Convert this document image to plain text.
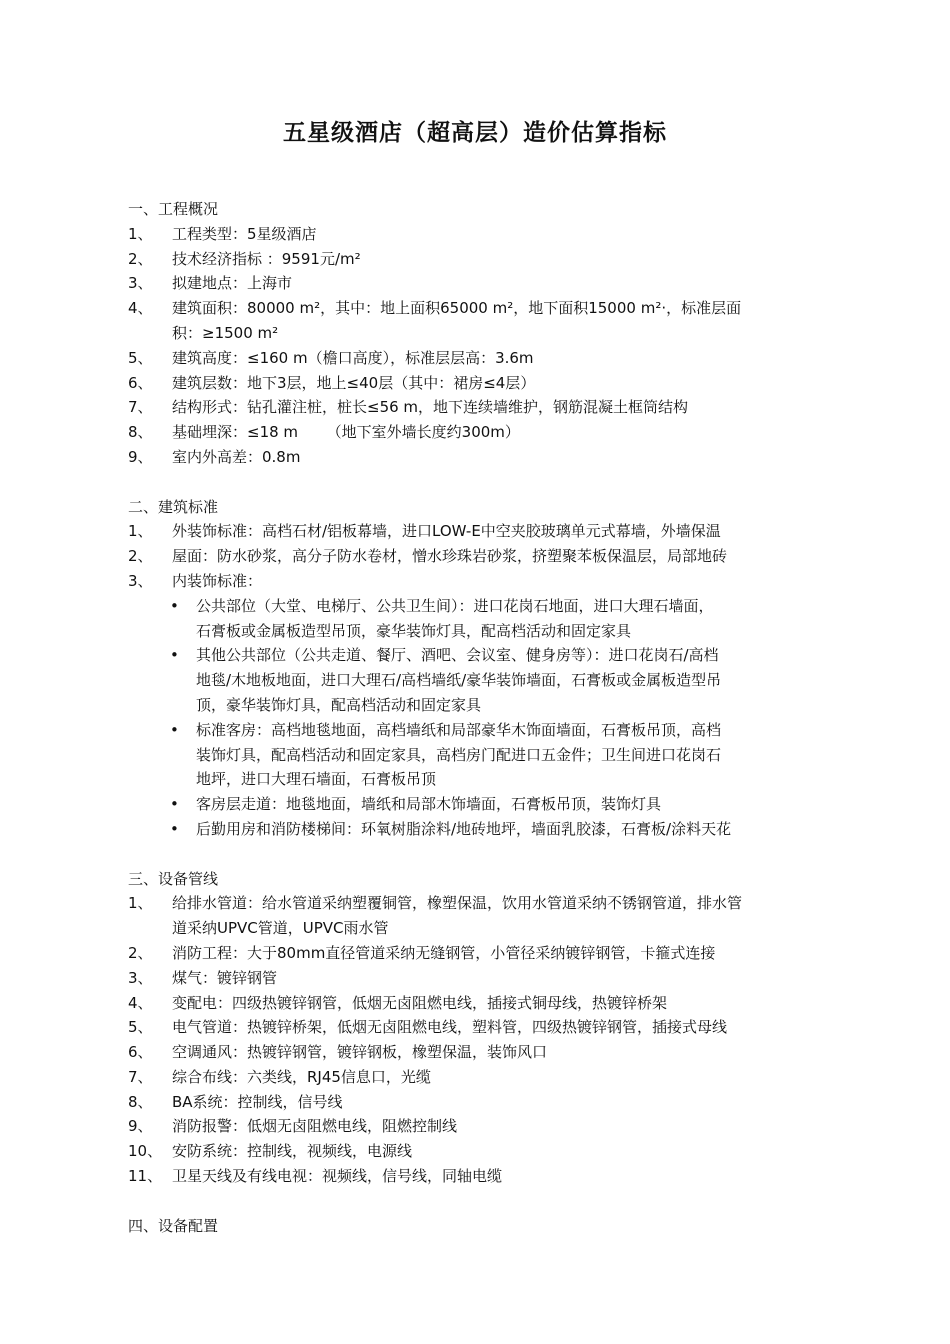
五星级酒店（超高层）造价估算指标
一、工程概况
1、	工程类型：5星级酒店
2、	技术经济指标 ：9591元/m²
3、	拟建地点：上海市
4、	建筑面积：80000 m²，其中：地上面积65000 m²，地下面积15000 m²·，标准层面
积：≥1500 m²
5、	建筑高度：≤160 m（檐口高度），标准层层高：3.6m
6、	建筑层数：地下3层，地上≤40层（其中：裙房≤4层）
7、	结构形式：钻孔灌注桩，桩长≤56 m，地下连续墙维护，钢筋混凝土框筒结构
8、	基础埋深：≤18 m      （地下室外墙长度约300m）
9、	室内外高差：0.8m
二、建筑标准
1、	外装饰标准：高档石材/铝板幕墙，进口LOW-E中空夹胶玻璃单元式幕墙，外墙保温
2、	屋面：防水砂浆，高分子防水卷材，憎水珍珠岩砂浆，挤塑聚苯板保温层，局部地砖
3、	内装饰标准：
•	公共部位（大堂、电梯厅、公共卫生间）：进口花岗石地面，进口大理石墙面，
石膏板或金属板造型吊顶，豪华装饰灯具，配高档活动和固定家具
•	其他公共部位（公共走道、餐厅、酒吧、会议室、健身房等）：进口花岗石/高档
地毯/木地板地面，进口大理石/高档墙纸/豪华装饰墙面，石膏板或金属板造型吊
顶，豪华装饰灯具，配高档活动和固定家具
•	标准客房：高档地毯地面，高档墙纸和局部豪华木饰面墙面，石膏板吊顶，高档
装饰灯具，配高档活动和固定家具，高档房门配进口五金件；卫生间进口花岗石
地坪，进口大理石墙面，石膏板吊顶
•	客房层走道：地毯地面，墙纸和局部木饰墙面，石膏板吊顶，装饰灯具
•	后勤用房和消防楼梯间：环氧树脂涂料/地砖地坪，墙面乳胶漆，石膏板/涂料天花
三、设备管线
1、	给排水管道：给水管道采纳塑覆铜管，橡塑保温，饮用水管道采纳不锈钢管道，排水管
道采纳UPVC管道，UPVC雨水管
2、	消防工程：大于80mm直径管道采纳无缝钢管，小管径采纳镀锌钢管，卡箍式连接
3、	煤气：镀锌钢管
4、	变配电：四级热镀锌钢管，低烟无卤阻燃电线，插接式铜母线，热镀锌桥架
5、	电气管道：热镀锌桥架，低烟无卤阻燃电线，塑料管，四级热镀锌钢管，插接式母线
6、	空调通风：热镀锌钢管，镀锌钢板，橡塑保温，装饰风口
7、	综合布线：六类线，RJ45信息口，光缆
8、	BA系统：控制线，信号线
9、	消防报警：低烟无卤阻燃电线，阻燃控制线
10、 安防系统：控制线，视频线，电源线
11、 卫星天线及有线电视：视频线，信号线，同轴电缆
四、设备配置
